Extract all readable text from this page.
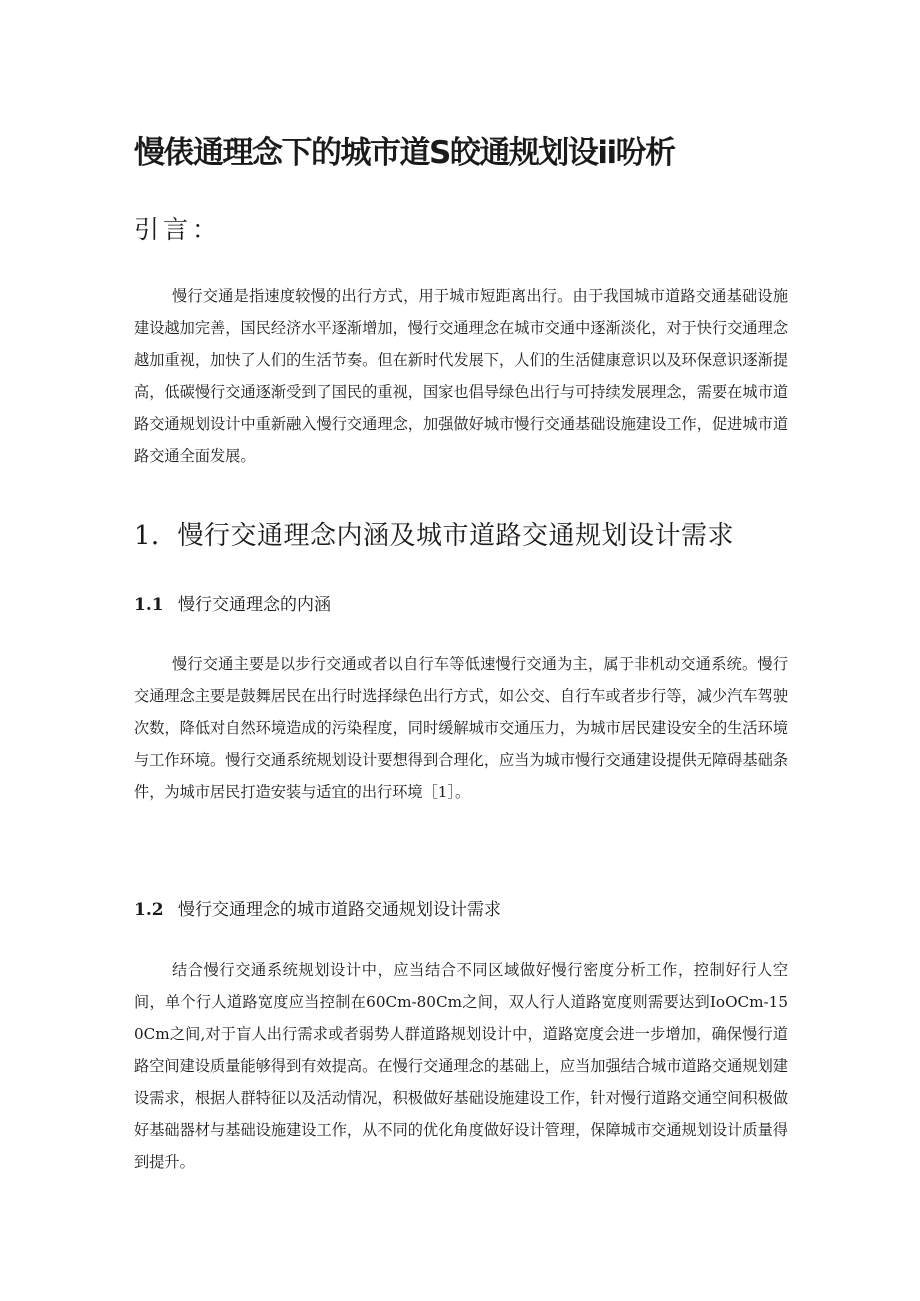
慢俵通理念下的城市道S皎通规划设ii吩析
引言：

慢行交通是指速度较慢的出行方式，用于城市短距离出行。由于我国城市道路交通基础设施建设越加完善，国民经济水平逐渐增加，慢行交通理念在城市交通中逐渐淡化，对于快行交通理念越加重视，加快了人们的生活节奏。但在新时代发展下，人们的生活健康意识以及环保意识逐渐提高，低碳慢行交通逐渐受到了国民的重视，国家也倡导绿色出行与可持续发展理念，需要在城市道路交通规划设计中重新融入慢行交通理念，加强做好城市慢行交通基础设施建设工作，促进城市道路交通全面发展。

1．慢行交通理念内涵及城市道路交通规划设计需求
1.1 慢行交通理念的内涵

慢行交通主要是以步行交通或者以自行车等低速慢行交通为主，属于非机动交通系统。慢行交通理念主要是鼓舞居民在出行时选择绿色出行方式，如公交、自行车或者步行等，减少汽车驾驶次数，降低对自然环境造成的污染程度，同时缓解城市交通压力，为城市居民建设安全的生活环境与工作环境。慢行交通系统规划设计要想得到合理化，应当为城市慢行交通建设提供无障碍基础条件，为城市居民打造安装与适宜的出行环境［1］。

1.2 慢行交通理念的城市道路交通规划设计需求

结合慢行交通系统规划设计中，应当结合不同区域做好慢行密度分析工作，控制好行人空间，单个行人道路宽度应当控制在60Cm-80Cm之间，双人行人道路宽度则需要达到IoOCm-150Cm之间,对于盲人出行需求或者弱势人群道路规划设计中，道路宽度会进一步增加，确保慢行道路空间建设质量能够得到有效提高。在慢行交通理念的基础上，应当加强结合城市道路交通规划建设需求，根据人群特征以及活动情况，积极做好基础设施建设工作，针对慢行道路交通空间积极做好基础器材与基础设施建设工作，从不同的优化角度做好设计管理，保障城市交通规划设计质量得到提升。
